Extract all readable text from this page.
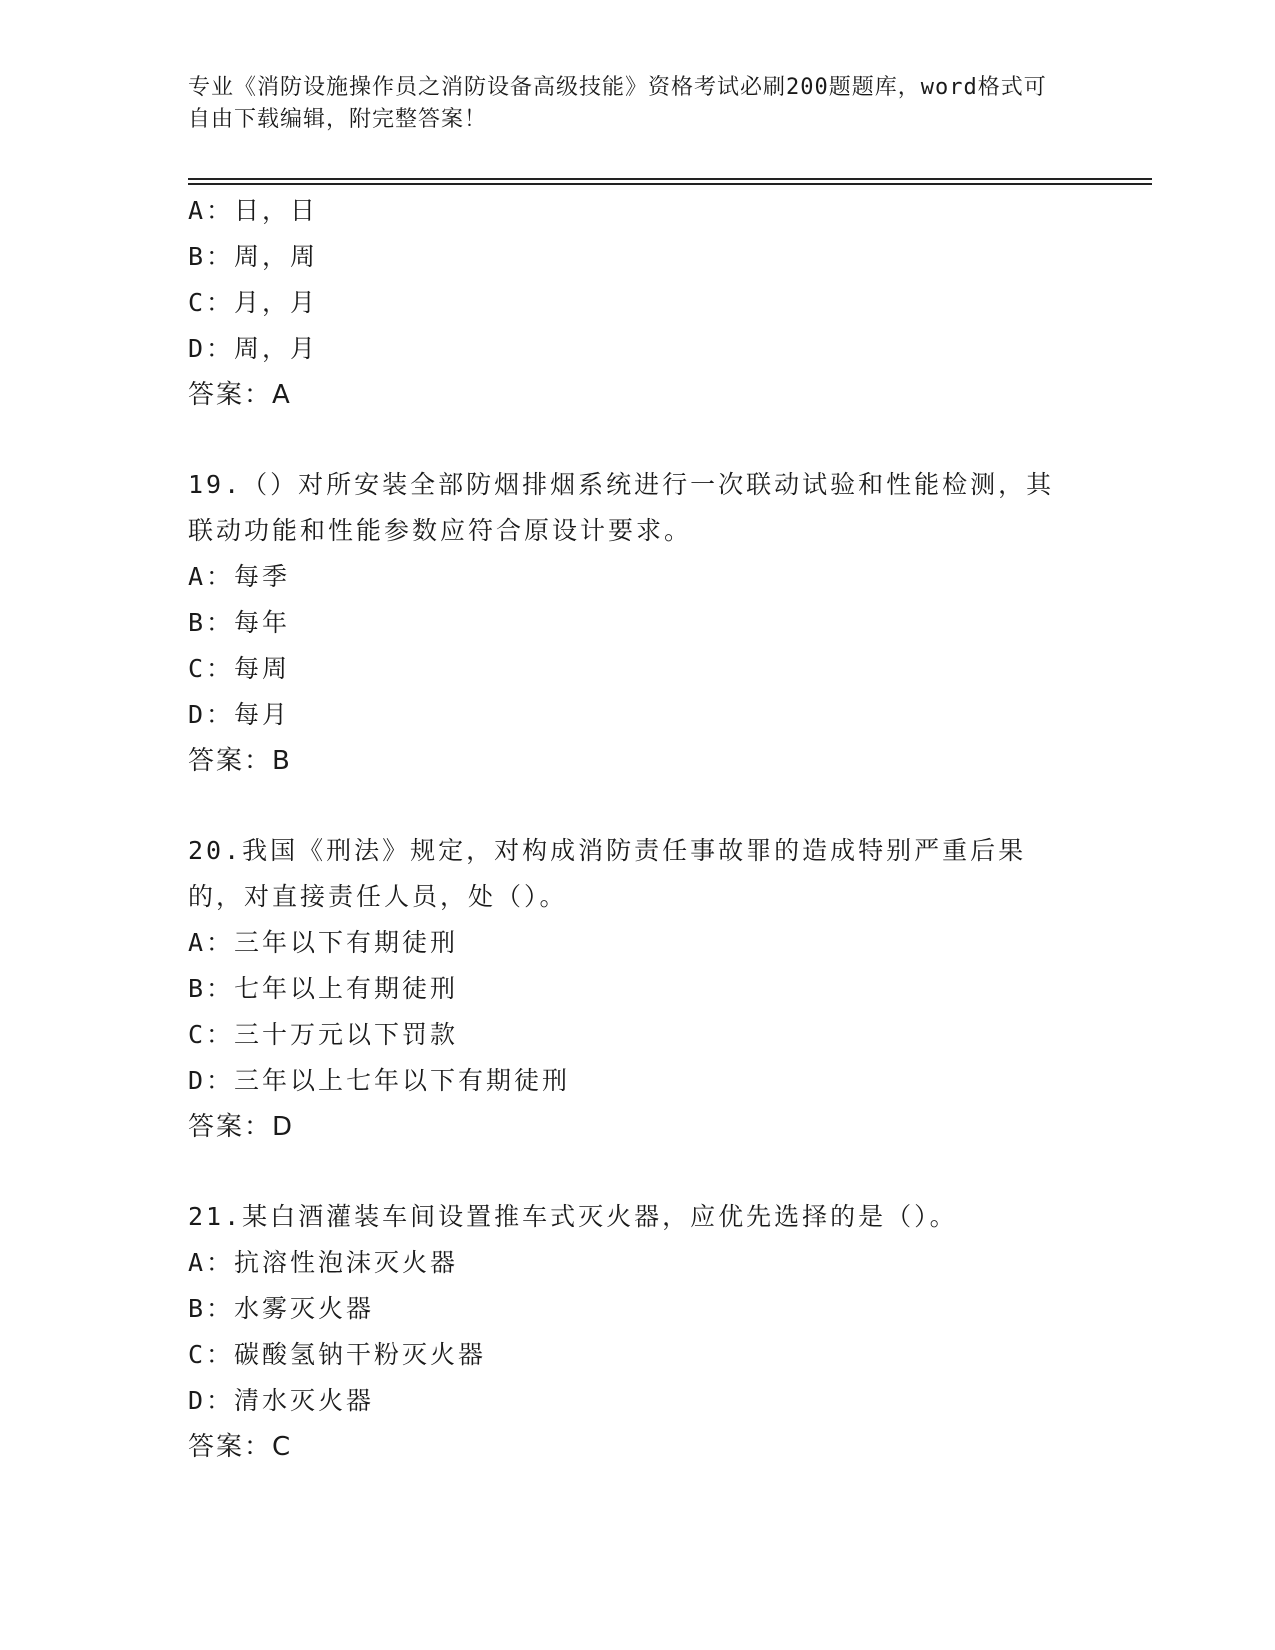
专业《消防设施操作员之消防设备高级技能》资格考试必刷200题题库，word格式可自由下载编辑，附完整答案！
A：日，日
B：周，周
C：月，月
D：周，月
答案：A
19.（）对所安装全部防烟排烟系统进行一次联动试验和性能检测，其联动功能和性能参数应符合原设计要求。
A：每季
B：每年
C：每周
D：每月
答案：B
20.我国《刑法》规定，对构成消防责任事故罪的造成特别严重后果的，对直接责任人员，处（）。
A：三年以下有期徒刑
B：七年以上有期徒刑
C：三十万元以下罚款
D：三年以上七年以下有期徒刑
答案：D
21.某白酒灌装车间设置推车式灭火器，应优先选择的是（）。
A：抗溶性泡沫灭火器
B：水雾灭火器
C：碳酸氢钠干粉灭火器
D：清水灭火器
答案：C
